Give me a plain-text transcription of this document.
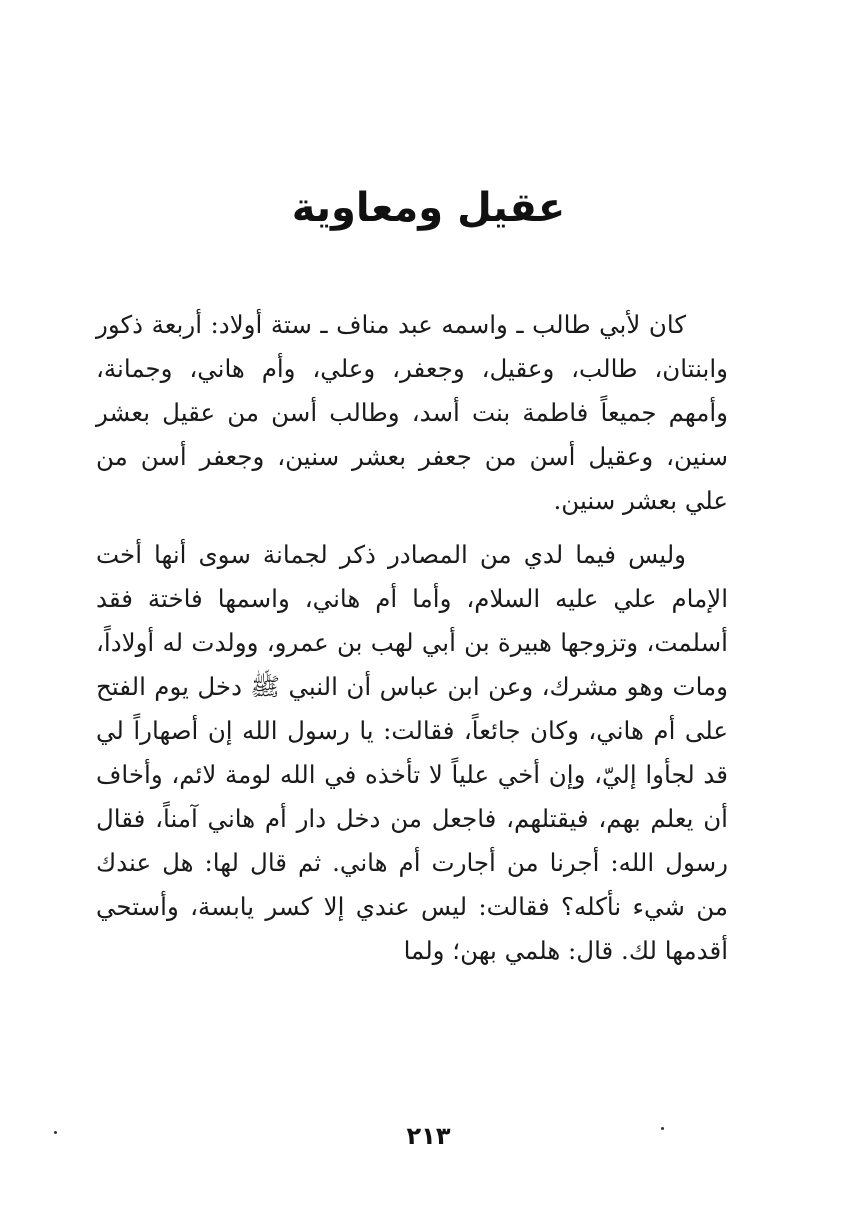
عقيل ومعاوية

كان لأبي طالب ـ واسمه عبد مناف ـ ستة أولاد: أربعة ذكور وابنتان، طالب، وعقيل، وجعفر، وعلي، وأم هاني، وجمانة، وأمهم جميعاً فاطمة بنت أسد، وطالب أسن من عقيل بعشر سنين، وعقيل أسن من جعفر بعشر سنين، وجعفر أسن من علي بعشر سنين.

وليس فيما لدي من المصادر ذكر لجمانة سوى أنها أخت الإمام علي عليه السلام، وأما أم هاني، واسمها فاختة فقد أسلمت، وتزوجها هبيرة بن أبي لهب بن عمرو، وولدت له أولاداً، ومات وهو مشرك، وعن ابن عباس أن النبي ﷺ دخل يوم الفتح على أم هاني، وكان جائعاً، فقالت: يا رسول الله إن أصهاراً لي قد لجأوا إليّ، وإن أخي علياً لا تأخذه في الله لومة لائم، وأخاف أن يعلم بهم، فيقتلهم، فاجعل من دخل دار أم هاني آمناً، فقال رسول الله: أجرنا من أجارت أم هاني. ثم قال لها: هل عندك من شيء نأكله؟ فقالت: ليس عندي إلا كسر يابسة، وأستحي أقدمها لك. قال: هلمي بهن؛ ولما

٢١٣
